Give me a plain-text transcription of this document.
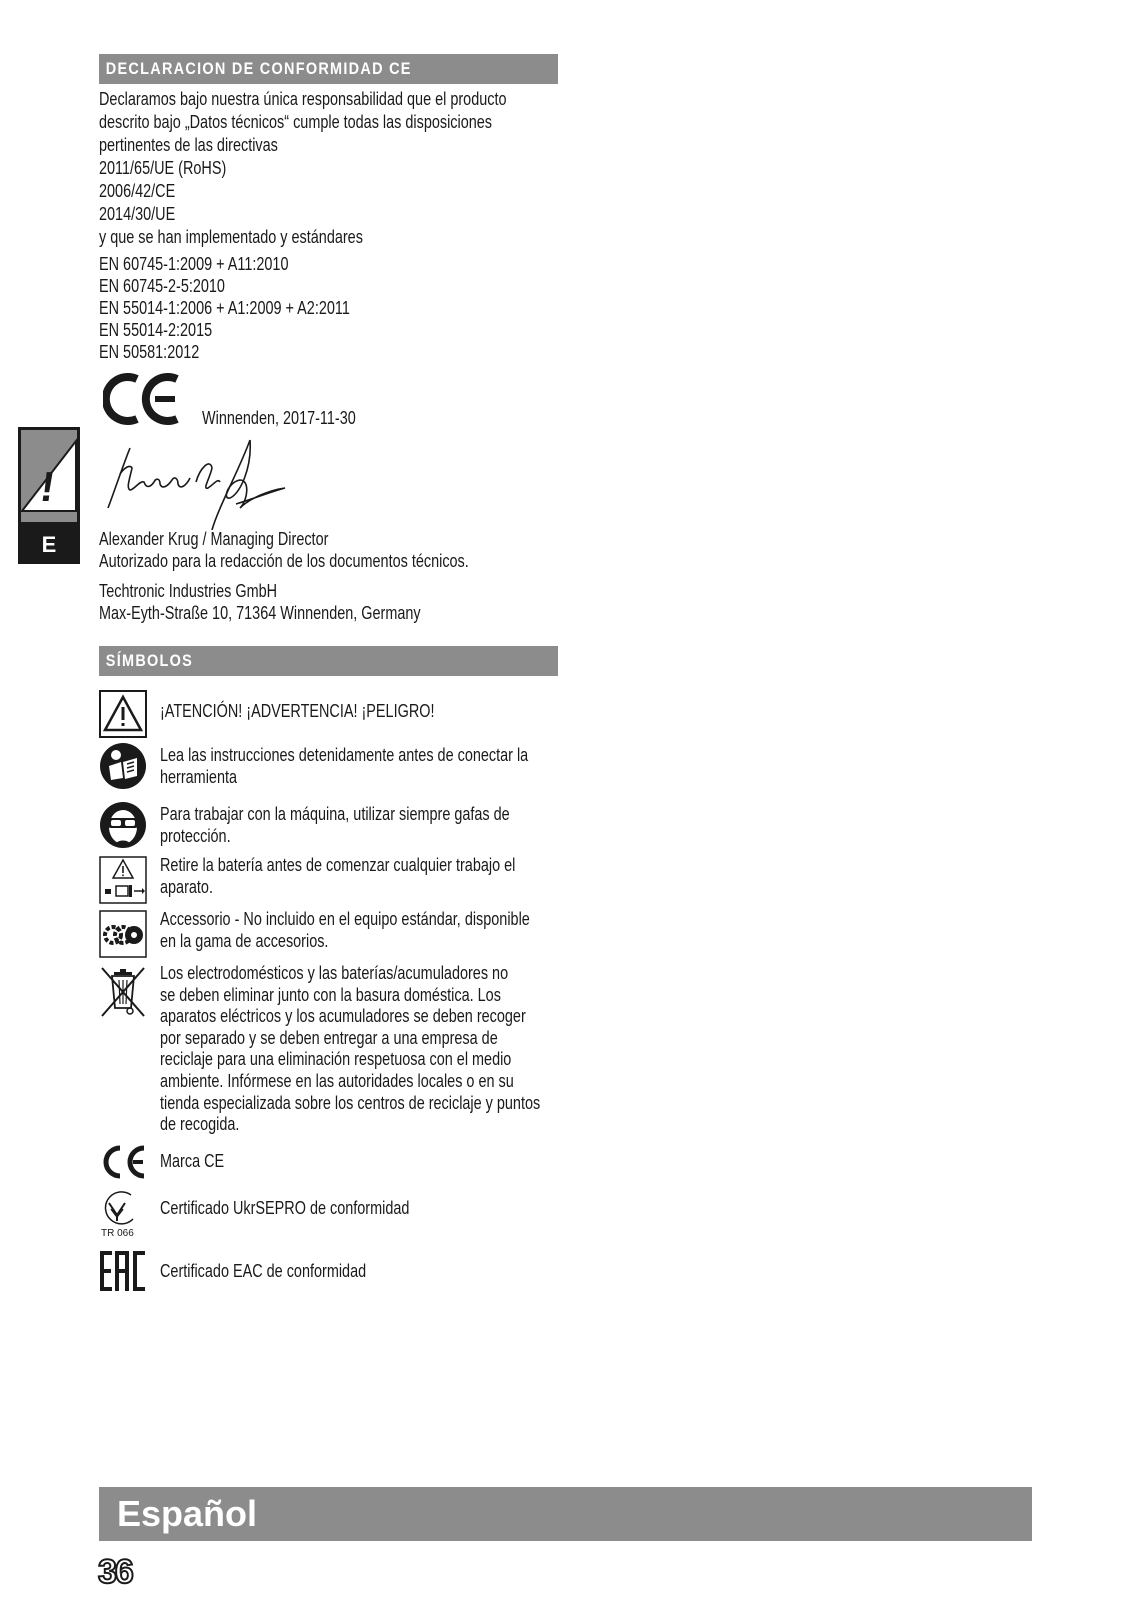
!
E
DECLARACION DE CONFORMIDAD CE
Declaramos bajo nuestra única responsabilidad que el producto
descrito bajo „Datos técnicos“ cumple todas las disposiciones
pertinentes de las directivas
2011/65/UE (RoHS)
2006/42/CE
2014/30/UE
y que se han implementado y estándares
EN 60745-1:2009 + A11:2010
EN 60745-2-5:2010
EN 55014-1:2006 + A1:2009 + A2:2011
EN 55014-2:2015
EN 50581:2012
Winnenden, 2017-11-30
Alexander Krug / Managing Director
Autorizado para la redacción de los documentos técnicos.
Techtronic Industries GmbH
Max-Eyth-Straße 10, 71364 Winnenden, Germany
SÍMBOLOS
¡ATENCIÓN! ¡ADVERTENCIA! ¡PELIGRO!
Lea las instrucciones detenidamente antes de conectar la
herramienta
Para trabajar con la máquina, utilizar siempre gafas de
protección.
Retire la batería antes de comenzar cualquier trabajo el
aparato.
Accessorio - No incluido en el equipo estándar, disponible
en la gama de accesorios.
Los electrodomésticos y las baterías/acumuladores no
se deben eliminar junto con la basura doméstica. Los
aparatos eléctricos y los acumuladores se deben recoger
por separado y se deben entregar a una empresa de
reciclaje para una eliminación respetuosa con el medio
ambiente. Infórmese en las autoridades locales o en su
tienda especializada sobre los centros de reciclaje y puntos
de recogida.
Marca CE
TR 066
Certificado UkrSEPRO de conformidad
Certificado EAC de conformidad
Español
36
